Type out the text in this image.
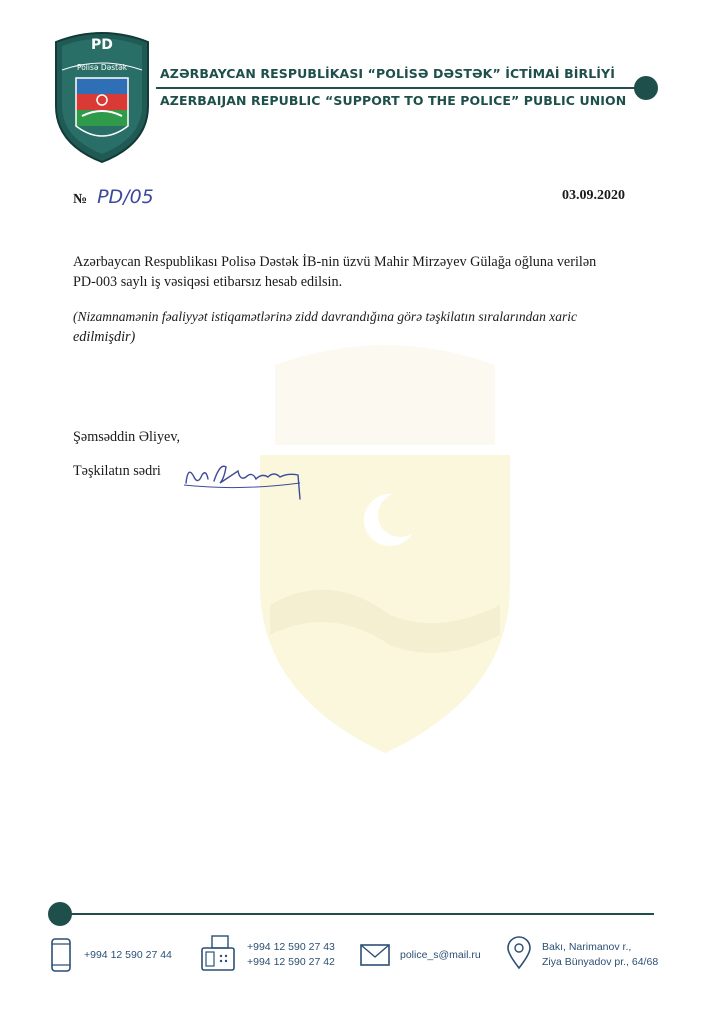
PD
Polisə Dəstək	AZƏRBAYCAN RESPUBLİKASI “POLİSƏ DƏSTƏK” İCTİMAİ BİRLİYİ
AZERBAIJAN REPUBLIC “SUPPORT TO THE POLICE” PUBLIC UNION
№ PD/05	03.09.2020
Azərbaycan Respublikası Polisə Dəstək İB-nin üzvü Mahir Mirzəyev Gülağa oğluna verilən
PD-003 saylı iş vəsiqəsi etibarsız hesab edilsin.
(Nizamnamənin fəaliyyət istiqamətlərinə zidd davrandığına görə təşkilatın sıralarından xaric
edilmişdir)
Şəmsəddin Əliyev,
Təşkilatın sədri
+994 12 590 27 44
+994 12 590 27 43
+994 12 590 27 42
police_s@mail.ru
Bakı, Narimanov r.,
Ziya Bünyadov pr., 64/68
